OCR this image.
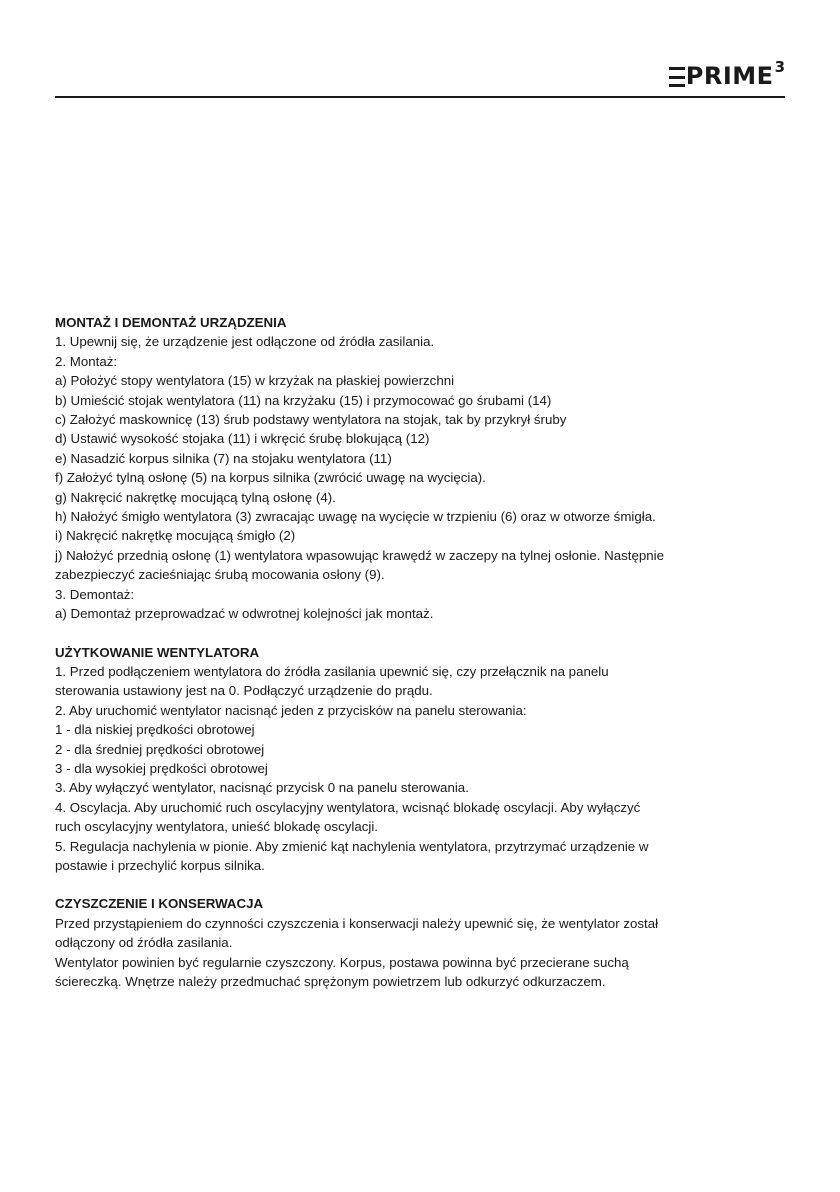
PRIME 3

MONTAŻ I DEMONTAŻ URZĄDZENIA

1. Upewnij się, że urządzenie jest odłączone od źródła zasilania.

2. Montaż:

a) Położyć stopy wentylatora (15) w krzyżak na płaskiej powierzchni

b) Umieścić stojak wentylatora (11) na krzyżaku (15) i przymocować go śrubami (14)

c) Założyć maskownicę (13) śrub podstawy wentylatora na stojak, tak by przykrył śruby

d) Ustawić wysokość stojaka (11) i wkręcić śrubę blokującą (12)

e) Nasadzić korpus silnika (7) na stojaku wentylatora (11)

f) Założyć tylną osłonę (5) na korpus silnika (zwrócić uwagę na wycięcia).

g) Nakręcić nakrętkę mocującą tylną osłonę (4).

h) Nałożyć śmigło wentylatora (3) zwracając uwagę na wycięcie w trzpieniu (6) oraz w otworze śmigła.

i) Nakręcić nakrętkę mocującą śmigło (2)

j) Nałożyć przednią osłonę (1) wentylatora wpasowując krawędź w zaczepy na tylnej osłonie. Następnie

zabezpieczyć zacieśniając śrubą mocowania osłony (9).

3. Demontaż:

a) Demontaż przeprowadzać w odwrotnej kolejności jak montaż.

UŻYTKOWANIE WENTYLATORA

1. Przed podłączeniem wentylatora do źródła zasilania upewnić się, czy przełącznik na panelu

sterowania ustawiony jest na 0. Podłączyć urządzenie do prądu.

2. Aby uruchomić wentylator nacisnąć jeden z przycisków na panelu sterowania:

1 - dla niskiej prędkości obrotowej

2 - dla średniej prędkości obrotowej

3 - dla wysokiej prędkości obrotowej

3. Aby wyłączyć wentylator, nacisnąć przycisk 0 na panelu sterowania.

4. Oscylacja. Aby uruchomić ruch oscylacyjny wentylatora, wcisnąć blokadę oscylacji. Aby wyłączyć

ruch oscylacyjny wentylatora, unieść blokadę oscylacji.

5. Regulacja nachylenia w pionie. Aby zmienić kąt nachylenia wentylatora, przytrzymać urządzenie w

postawie i przechylić korpus silnika.

CZYSZCZENIE I KONSERWACJA

Przed przystąpieniem do czynności czyszczenia i konserwacji należy upewnić się, że wentylator został

odłączony od źródła zasilania.

Wentylator powinien być regularnie czyszczony. Korpus, postawa powinna być przecierane suchą

ściereczką. Wnętrze należy przedmuchać sprężonym powietrzem lub odkurzyć odkurzaczem.
